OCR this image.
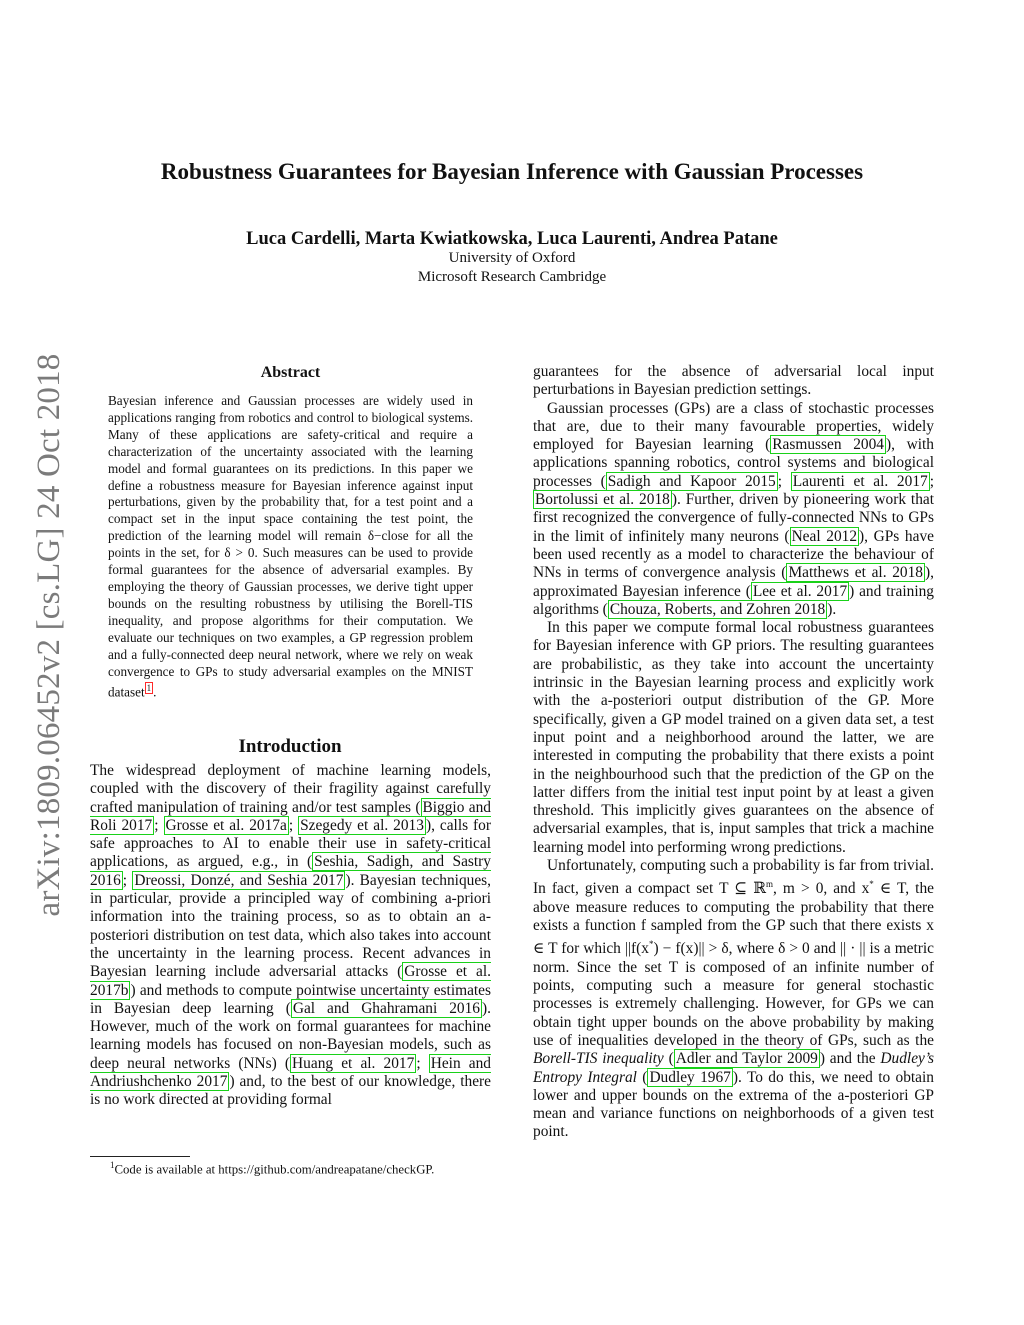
arXiv:1809.06452v2 [cs.LG] 24 Oct 2018
Robustness Guarantees for Bayesian Inference with Gaussian Processes
Luca Cardelli, Marta Kwiatkowska, Luca Laurenti, Andrea Patane
University of Oxford
Microsoft Research Cambridge
Abstract
Bayesian inference and Gaussian processes are widely used in applications ranging from robotics and control to biological systems. Many of these applications are safety-critical and require a characterization of the uncertainty associated with the learning model and formal guarantees on its predictions. In this paper we define a robustness measure for Bayesian inference against input perturbations, given by the probability that, for a test point and a compact set in the input space containing the test point, the prediction of the learning model will remain δ−close for all the points in the set, for δ > 0. Such measures can be used to provide formal guarantees for the absence of adversarial examples. By employing the theory of Gaussian processes, we derive tight upper bounds on the resulting robustness by utilising the Borell-TIS inequality, and propose algorithms for their computation. We evaluate our techniques on two examples, a GP regression problem and a fully-connected deep neural network, where we rely on weak convergence to GPs to study adversarial examples on the MNIST dataset $^1$ .
Introduction

The widespread deployment of machine learning models, coupled with the discovery of their fragility against carefully crafted manipulation of training and/or test samples ( Biggio and Roli 2017 ; Grosse et al. 2017a ; Szegedy et al. 2013 ), calls for safe approaches to AI to enable their use in safety-critical applications, as argued, e.g., in ( Seshia, Sadigh, and Sastry 2016 ; Dreossi, Donzé, and Seshia 2017 ). Bayesian techniques, in particular, provide a principled way of combining a-priori information into the training process, so as to obtain an a-posteriori distribution on test data, which also takes into account the uncertainty in the learning process. Recent advances in Bayesian learning include adversarial attacks ( Grosse et al. 2017b ) and methods to compute pointwise uncertainty estimates in Bayesian deep learning ( Gal and Ghahramani 2016 ). However, much of the work on formal guarantees for machine learning models has focused on non-Bayesian models, such as deep neural networks (NNs) ( Huang et al. 2017 ; Hein and Andriushchenko 2017 ) and, to the best of our knowledge, there is no work directed at providing formal

guarantees for the absence of adversarial local input perturbations in Bayesian prediction settings.

Gaussian processes (GPs) are a class of stochastic processes that are, due to their many favourable properties, widely employed for Bayesian learning ( Rasmussen 2004 ), with applications spanning robotics, control systems and biological processes ( Sadigh and Kapoor 2015 ; Laurenti et al. 2017 ; Bortolussi et al. 2018 ). Further, driven by pioneering work that first recognized the convergence of fully-connected NNs to GPs in the limit of infinitely many neurons ( Neal 2012 ), GPs have been used recently as a model to characterize the behaviour of NNs in terms of convergence analysis ( Matthews et al. 2018 ), approximated Bayesian inference ( Lee et al. 2017 ) and training algorithms ( Chouza, Roberts, and Zohren 2018 ).

In this paper we compute formal local robustness guarantees for Bayesian inference with GP priors. The resulting guarantees are probabilistic, as they take into account the uncertainty intrinsic in the Bayesian learning process and explicitly work with the a-posteriori output distribution of the GP. More specifically, given a GP model trained on a given data set, a test input point and a neighborhood around the latter, we are interested in computing the probability that there exists a point in the neighbourhood such that the prediction of the GP on the latter differs from the initial test input point by at least a given threshold. This implicitly gives guarantees on the absence of adversarial examples, that is, input samples that trick a machine learning model into performing wrong predictions.

Unfortunately, computing such a probability is far from trivial. In fact, given a compact set T ⊆ ℝ$^m$, m > 0, and x* ∈ T, the above measure reduces to computing the probability that there exists a function f sampled from the GP such that there exists x ∈ T for which ||f(x*) − f(x)|| > δ, where δ > 0 and || · || is a metric norm. Since the set T is composed of an infinite number of points, computing such a measure for general stochastic processes is extremely challenging. However, for GPs we can obtain tight upper bounds on the above probability by making use of inequalities developed in the theory of GPs, such as the Borell-TIS inequality ( Adler and Taylor 2009 ) and the Dudley’s Entropy Integral ( Dudley 1967 ). To do this, we need to obtain lower and upper bounds on the extrema of the a-posteriori GP mean and variance functions on neighborhoods of a given test point.

$^1$Code is available at https://github.com/andreapatane/checkGP.
